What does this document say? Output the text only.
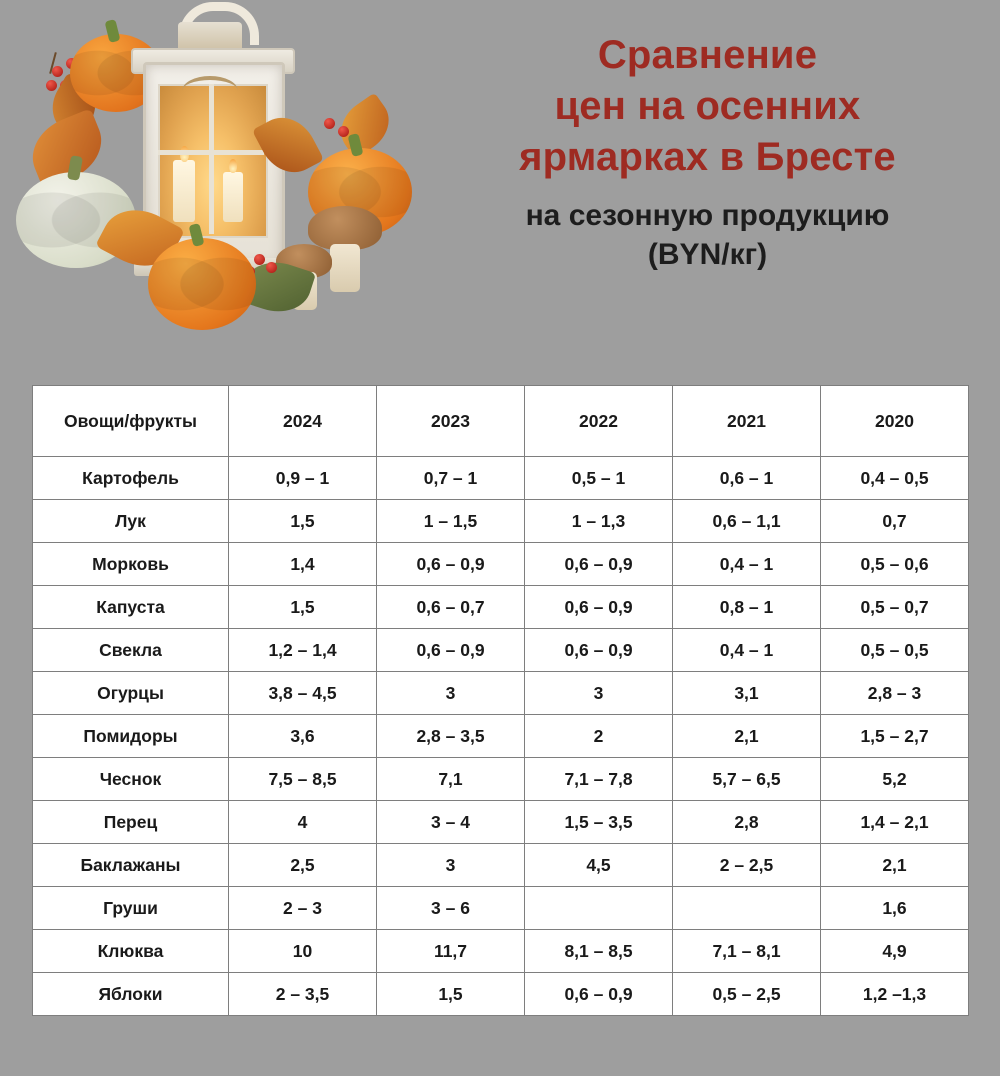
Сравнение
цен на осенних
ярмарках в Бресте
на сезонную продукцию
(BYN/кг)
Овощи/фрукты	2024	2023	2022	2021	2020
Картофель	0,9 – 1	0,7 – 1	0,5 – 1	0,6 – 1	0,4 – 0,5
Лук	1,5	1 – 1,5	1 – 1,3	0,6 – 1,1	0,7
Морковь	1,4	0,6 – 0,9	0,6 – 0,9	0,4 – 1	0,5 – 0,6
Капуста	1,5	0,6 – 0,7	0,6 – 0,9	0,8 – 1	0,5 – 0,7
Свекла	1,2 – 1,4	0,6 – 0,9	0,6 – 0,9	0,4 – 1	0,5 – 0,5
Огурцы	3,8 – 4,5	3	3	3,1	2,8 – 3
Помидоры	3,6	2,8 – 3,5	2	2,1	1,5 – 2,7
Чеснок	7,5 – 8,5	7,1	7,1 – 7,8	5,7 – 6,5	5,2
Перец	4	3 – 4	1,5 – 3,5	2,8	1,4 – 2,1
Баклажаны	2,5	3	4,5	2 – 2,5	2,1
Груши	2 – 3	3 – 6			1,6
Клюква	10	11,7	8,1 – 8,5	7,1 – 8,1	4,9
Яблоки	2 – 3,5	1,5	0,6 – 0,9	0,5 – 2,5	1,2 –1,3
